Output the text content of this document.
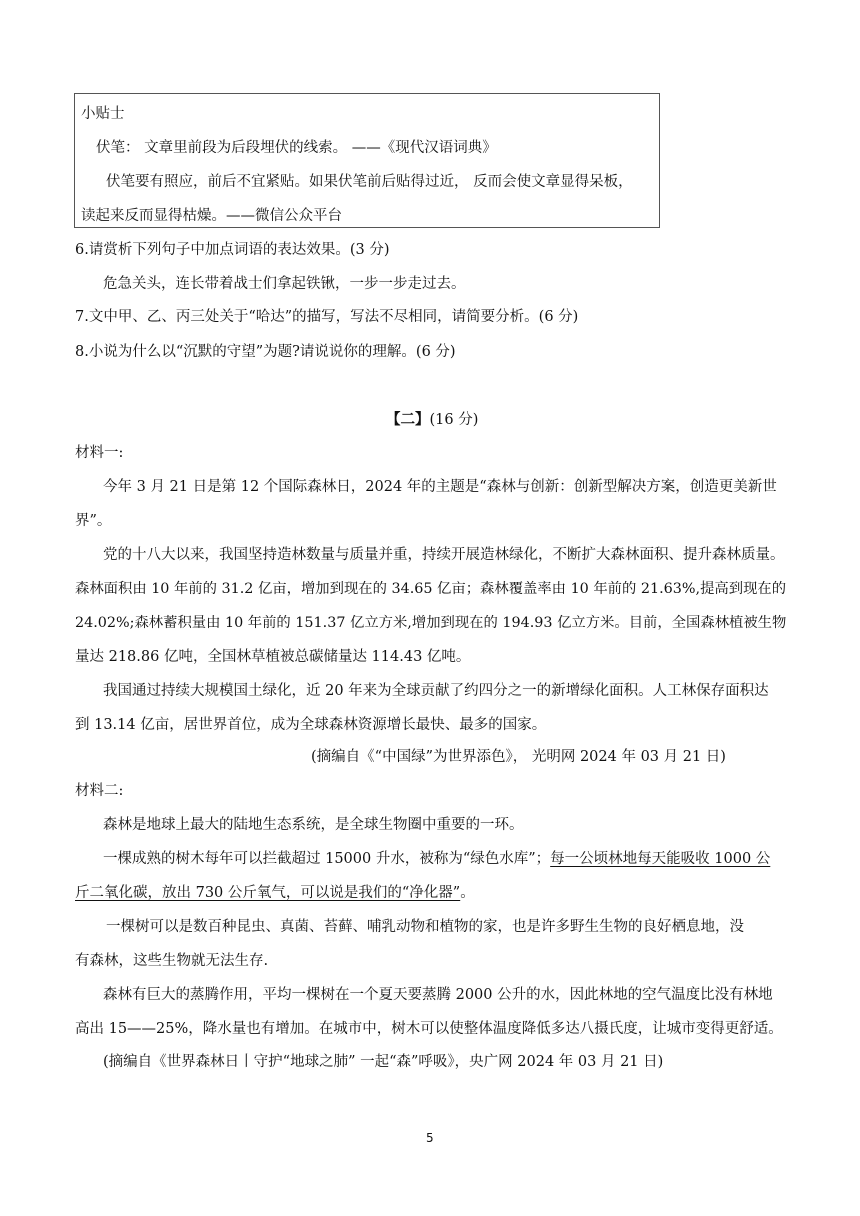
小贴士
伏笔： 文章里前段为后段埋伏的线索。 ——《现代汉语词典》
伏笔要有照应，前后不宜紧贴。如果伏笔前后贴得过近， 反而会使文章显得呆板，
读起来反而显得枯燥。——微信公众平台
6.请赏析下列句子中加点词语的表达效果。(3 分)
危急关头，连长带着战士们拿起铁锹，一步一步走过去。
7.文中甲、乙、丙三处关于“哈达”的描写，写法不尽相同，请简要分析。(6 分)
8.小说为什么以“沉默的守望”为题?请说说你的理解。(6 分)
【二】(16 分)
材料一:
今年 3 月 21 日是第 12 个国际森林日，2024 年的主题是“森林与创新：创新型解决方案，创造更美新世
界”。
党的十八大以来，我国坚持造林数量与质量并重，持续开展造林绿化，不断扩大森林面积、提升森林质量。
森林面积由 10 年前的 31.2 亿亩，增加到现在的 34.65 亿亩；森林覆盖率由 10 年前的 21.63%,提高到现在的
24.02%;森林蓄积量由 10 年前的 151.37 亿立方米,增加到现在的 194.93 亿立方米。目前，全国森林植被生物
量达 218.86 亿吨，全国林草植被总碳储量达 114.43 亿吨。
我国通过持续大规模国土绿化，近 20 年来为全球贡献了约四分之一的新增绿化面积。人工林保存面积达
到 13.14 亿亩，居世界首位，成为全球森林资源增长最快、最多的国家。
(摘编自《“中国绿”为世界添色》， 光明网 2024 年 03 月 21 日)
材料二:
森林是地球上最大的陆地生态系统，是全球生物圈中重要的一环。
一棵成熟的树木每年可以拦截超过 15000 升水，被称为“绿色水库”；每一公顷林地每天能吸收 1000 公
斤二氧化碳，放出 730 公斤氧气，可以说是我们的“净化器”。
一棵树可以是数百种昆虫、真菌、苔藓、哺乳动物和植物的家，也是许多野生生物的良好栖息地，没
有森林，这些生物就无法生存.
森林有巨大的蒸腾作用，平均一棵树在一个夏天要蒸腾 2000 公升的水，因此林地的空气温度比没有林地
高出 15——25%，降水量也有增加。在城市中，树木可以使整体温度降低多达八摄氏度，让城市变得更舒适。
(摘编自《世界森林日丨守护“地球之肺” 一起“森”呼吸》，央广网 2024 年 03 月 21 日)
5
